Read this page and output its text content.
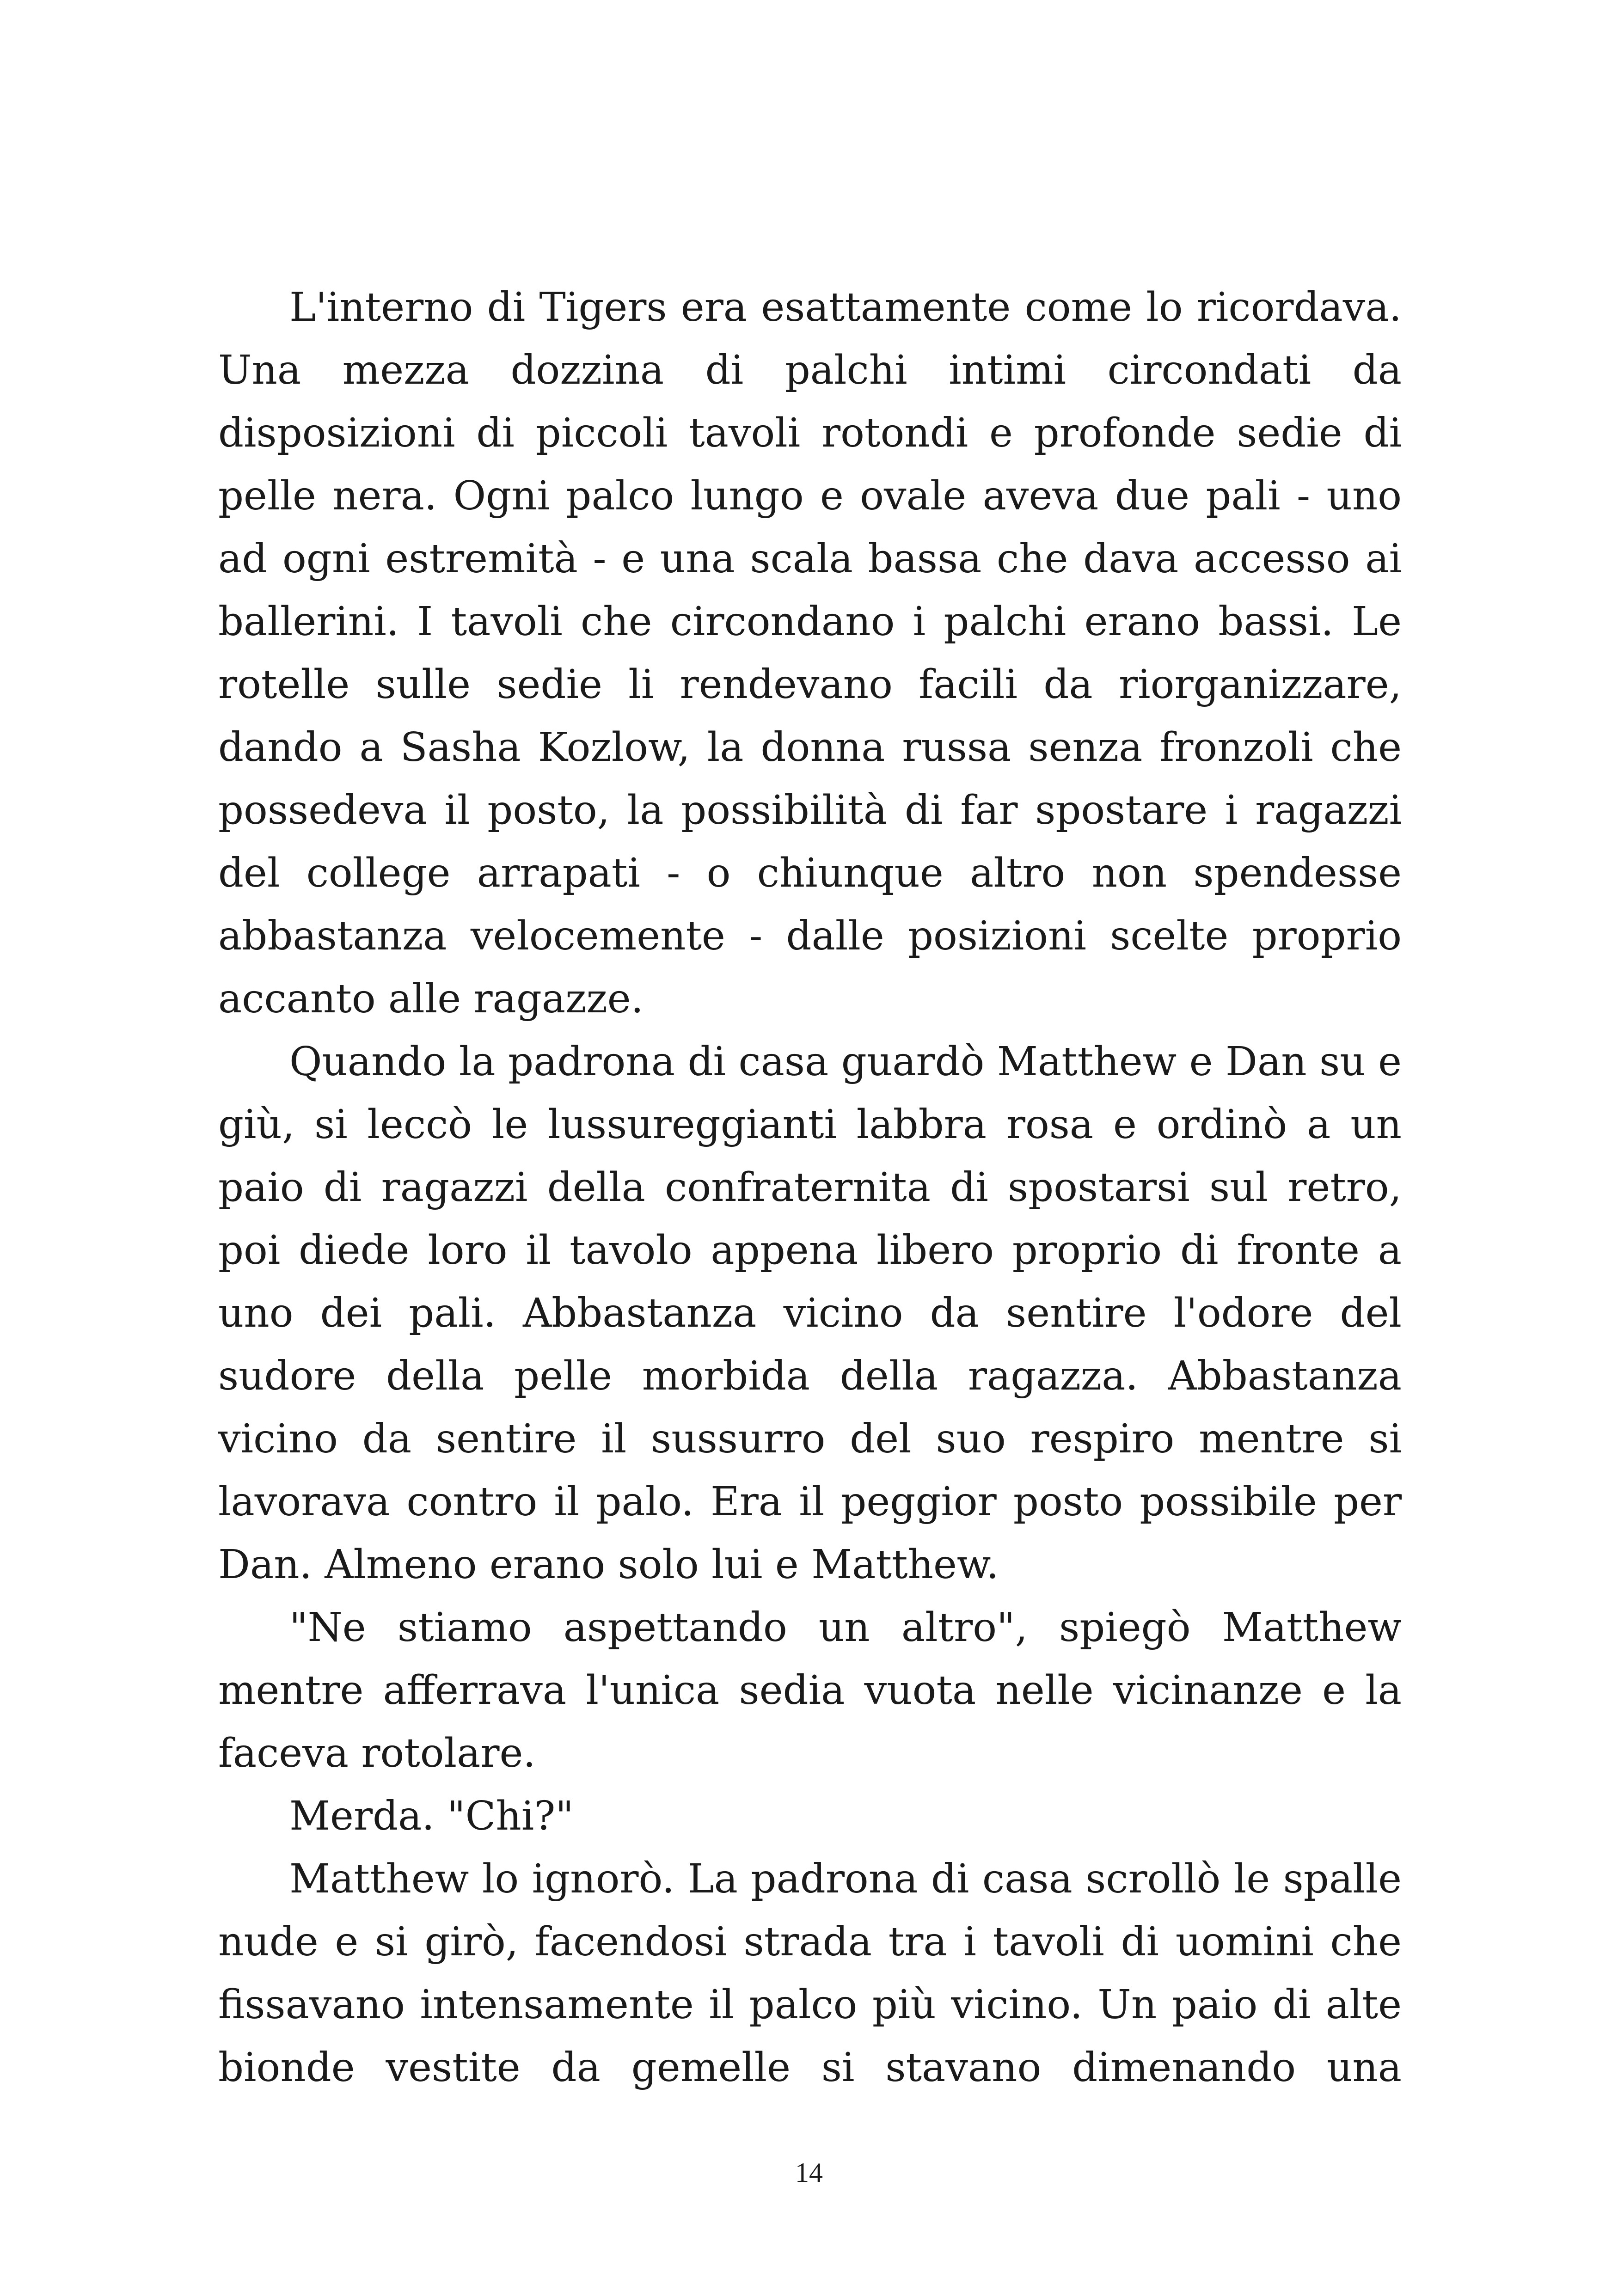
L'interno di Tigers era esattamente come lo ricordava. Una mezza dozzina di palchi intimi circondati da disposizioni di piccoli tavoli rotondi e profonde sedie di pelle nera. Ogni palco lungo e ovale aveva due pali - uno ad ogni estremità - e una scala bassa che dava accesso ai ballerini. I tavoli che circondano i palchi erano bassi. Le rotelle sulle sedie li rendevano facili da riorganizzare, dando a Sasha Kozlow, la donna russa senza fronzoli che possedeva il posto, la possibilità di far spostare i ragazzi del college arrapati - o chiunque altro non spendesse abbastanza velocemente - dalle posizioni scelte proprio accanto alle ragazze.

Quando la padrona di casa guardò Matthew e Dan su e giù, si leccò le lussureggianti labbra rosa e ordinò a un paio di ragazzi della confraternita di spostarsi sul retro, poi diede loro il tavolo appena libero proprio di fronte a uno dei pali. Abbastanza vicino da sentire l'odore del sudore della pelle morbida della ragazza. Abbastanza vicino da sentire il sussurro del suo respiro mentre si lavorava contro il palo. Era il peggior posto possibile per Dan. Almeno erano solo lui e Matthew.

"Ne stiamo aspettando un altro", spiegò Matthew mentre afferrava l'unica sedia vuota nelle vicinanze e la faceva rotolare.

Merda. "Chi?"

Matthew lo ignorò. La padrona di casa scrollò le spalle nude e si girò, facendosi strada tra i tavoli di uomini che fissavano intensamente il palco più vicino. Un paio di alte bionde vestite da gemelle si stavano dimenando una

14
